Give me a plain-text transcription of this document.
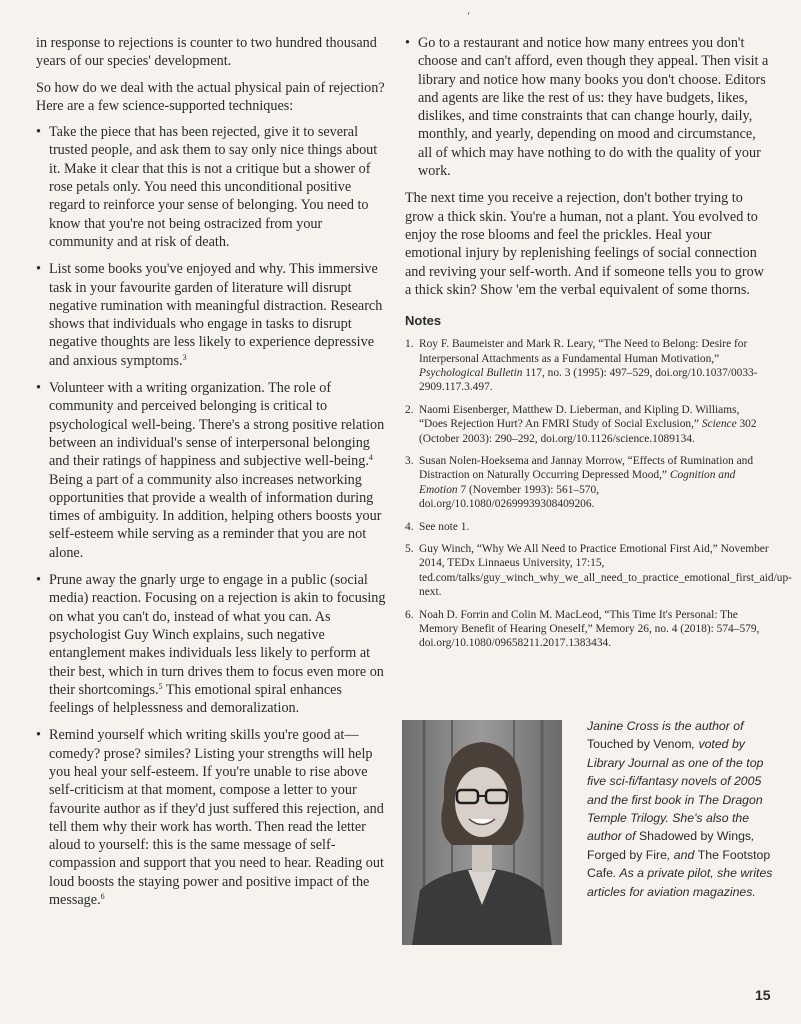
‘

in response to rejections is counter to two hundred thousand years of our species' development.

So how do we deal with the actual physical pain of rejection? Here are a few science-supported techniques:

• Take the piece that has been rejected, give it to several trusted people, and ask them to say only nice things about it. Make it clear that this is not a critique but a shower of rose petals only. You need this unconditional positive regard to reinforce your sense of belonging. You need to know that you're not being ostracized from your community and at risk of death.
• List some books you've enjoyed and why. This immersive task in your favourite garden of literature will disrupt negative rumination with meaningful distraction. Research shows that individuals who engage in tasks to disrupt negative thoughts are less likely to experience depressive and anxious symptoms.$^3$
• Volunteer with a writing organization. The role of community and perceived belonging is critical to psychological well-being. There's a strong positive relation between an individual's sense of interpersonal belonging and their ratings of happiness and subjective well-being.$^4$ Being a part of a community also increases networking opportunities that provide a wealth of information during times of ambiguity. In addition, helping others boosts your self-esteem while serving as a reminder that you are not alone.
• Prune away the gnarly urge to engage in a public (social media) reaction. Focusing on a rejection is akin to focusing on what you can't do, instead of what you can. As psychologist Guy Winch explains, such negative entanglement makes individuals less likely to perform at their best, which in turn drives them to focus even more on their shortcomings.$^5$ This emotional spiral enhances feelings of helplessness and demoralization.
• Remind yourself which writing skills you're good at—comedy? prose? similes? Listing your strengths will help you heal your self-esteem. If you're unable to rise above self-criticism at that moment, compose a letter to your favourite author as if they'd just suffered this rejection, and tell them why their work has worth. Then read the letter aloud to yourself: this is the same message of self-compassion and support that you need to hear. Reading out loud boosts the staying power and positive impact of the message.$^6$
• Go to a restaurant and notice how many entrees you don't choose and can't afford, even though they appeal. Then visit a library and notice how many books you don't choose. Editors and agents are like the rest of us: they have budgets, likes, dislikes, and time constraints that can change hourly, daily, monthly, and yearly, depending on mood and circumstance, all of which may have nothing to do with the quality of your work.

The next time you receive a rejection, don't bother trying to grow a thick skin. You're a human, not a plant. You evolved to enjoy the rose blooms and feel the prickles. Heal your emotional injury by replenishing feelings of social connection and reviving your self-worth. And if someone tells you to grow a thick skin? Show 'em the verbal equivalent of some thorns.

Notes
1. Roy F. Baumeister and Mark R. Leary, “The Need to Belong: Desire for Interpersonal Attachments as a Fundamental Human Motivation,” Psychological Bulletin 117, no. 3 (1995): 497–529, doi.org/10.1037/0033-2909.117.3.497.
2. Naomi Eisenberger, Matthew D. Lieberman, and Kipling D. Williams, “Does Rejection Hurt? An FMRI Study of Social Exclusion,” Science 302 (October 2003): 290–292, doi.org/10.1126/science.1089134.
3. Susan Nolen-Hoeksema and Jannay Morrow, “Effects of Rumination and Distraction on Naturally Occurring Depressed Mood,” Cognition and Emotion 7 (November 1993): 561–570, doi.org/10.1080/02699939308409206.
4. See note 1.
5. Guy Winch, “Why We All Need to Practice Emotional First Aid,” November 2014, TEDx Linnaeus University, 17:15, ted.com/talks/guy_winch_why_we_all_need_to_practice_emotional_first_aid/up-next.
6. Noah D. Forrin and Colin M. MacLeod, “This Time It's Personal: The Memory Benefit of Hearing Oneself,” Memory 26, no. 4 (2018): 574–579, doi.org/10.1080/09658211.2017.1383434.
Janine Cross is the author of Touched by Venom, voted by Library Journal as one of the top five sci-fi/fantasy novels of 2005 and the first book in The Dragon Temple Trilogy. She's also the author of Shadowed by Wings, Forged by Fire, and The Footstop Cafe. As a private pilot, she writes articles for aviation magazines.
15
